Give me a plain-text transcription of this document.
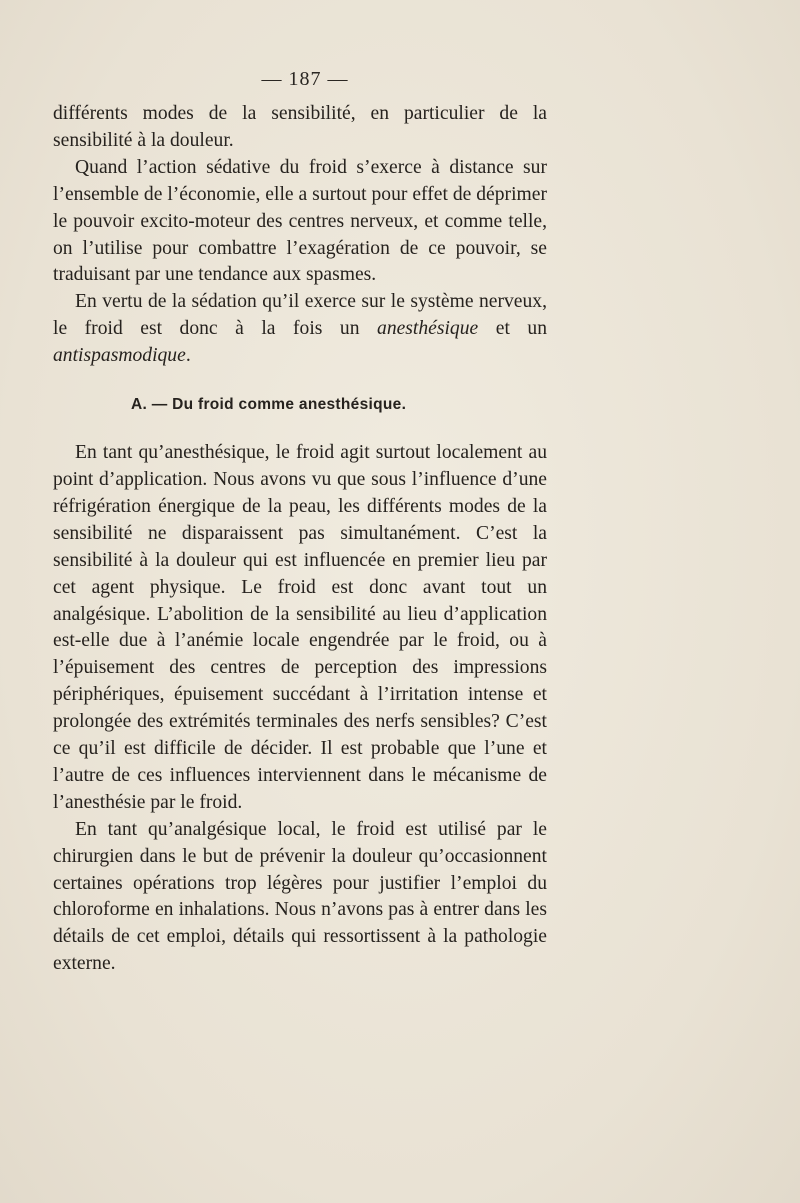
— 187 —

différents modes de la sensibilité, en particulier de la sensibilité à la douleur.

Quand l’action sédative du froid s’exerce à distance sur l’ensemble de l’économie, elle a surtout pour effet de déprimer le pouvoir excito-moteur des centres nerveux, et comme telle, on l’utilise pour combattre l’exagération de ce pouvoir, se traduisant par une tendance aux spasmes.

En vertu de la sédation qu’il exerce sur le système nerveux, le froid est donc à la fois un anesthésique et un antispasmodique.

A. — Du froid comme anesthésique.

En tant qu’anesthésique, le froid agit surtout localement au point d’application. Nous avons vu que sous l’influence d’une réfrigération énergique de la peau, les différents modes de la sensibilité ne disparaissent pas simultanément. C’est la sensibilité à la douleur qui est influencée en premier lieu par cet agent physique. Le froid est donc avant tout un analgésique. L’abolition de la sensibilité au lieu d’application est-elle due à l’anémie locale engendrée par le froid, ou à l’épuisement des centres de perception des impressions périphériques, épuisement succédant à l’irritation intense et prolongée des extrémités terminales des nerfs sensibles? C’est ce qu’il est difficile de décider. Il est probable que l’une et l’autre de ces influences interviennent dans le mécanisme de l’anesthésie par le froid.

En tant qu’analgésique local, le froid est utilisé par le chirurgien dans le but de prévenir la douleur qu’occasionnent certaines opérations trop légères pour justifier l’emploi du chloroforme en inhalations. Nous n’avons pas à entrer dans les détails de cet emploi, détails qui ressortissent à la pathologie externe.
